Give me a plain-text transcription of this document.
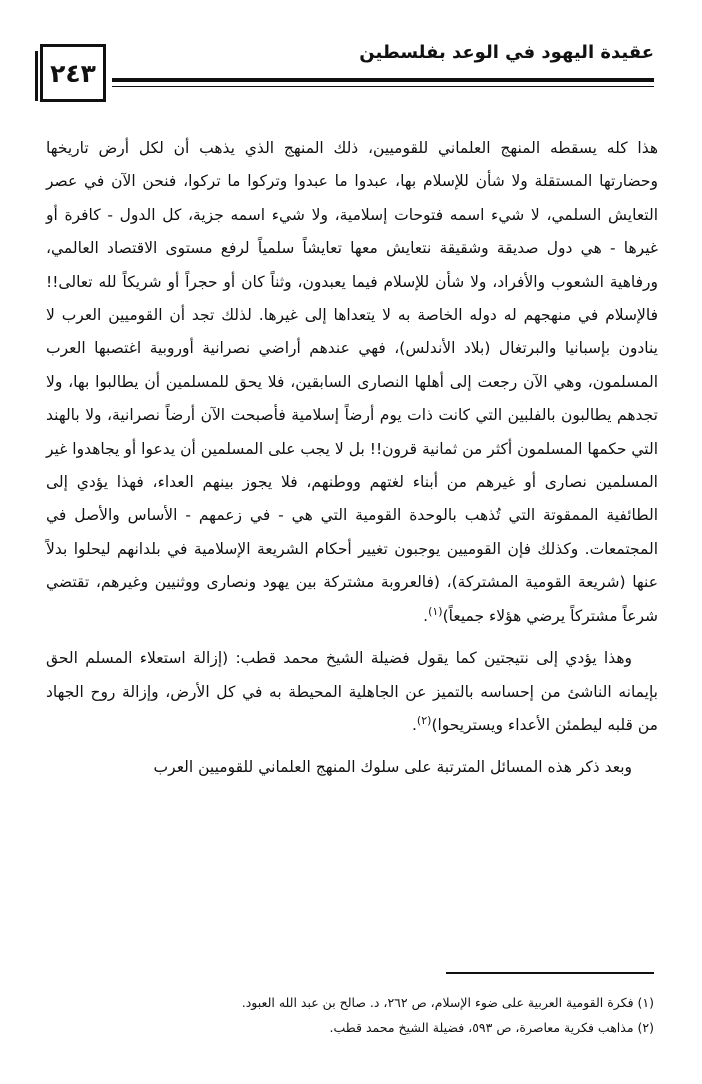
٢٤٣
عقيدة اليهود في الوعد بفلسطين

هذا كله يسقطه المنهج العلماني للقوميين، ذلك المنهج الذي يذهب أن لكل أرض تاريخها وحضارتها المستقلة ولا شأن للإسلام بها، عبدوا ما عبدوا وتركوا ما تركوا، فنحن الآن في عصر التعايش السلمي، لا شيء اسمه فتوحات إسلامية، ولا شيء اسمه جزية، كل الدول - كافرة أو غيرها - هي دول صديقة وشقيقة نتعايش معها تعايشاً سلمياً لرفع مستوى الاقتصاد العالمي، ورفاهية الشعوب والأفراد، ولا شأن للإسلام فيما يعبدون، وثناً كان أو حجراً أو شريكاً لله تعالى!! فالإسلام في منهجهم له دوله الخاصة به لا يتعداها إلى غيرها. لذلك تجد أن القوميين العرب لا ينادون بإسبانيا والبرتغال (بلاد الأندلس)، فهي عندهم أراضي نصرانية أوروبية اغتصبها العرب المسلمون، وهي الآن رجعت إلى أهلها النصارى السابقين، فلا يحق للمسلمين أن يطالبوا بها، ولا تجدهم يطالبون بالفلبين التي كانت ذات يوم أرضاً إسلامية فأصبحت الآن أرضاً نصرانية، ولا بالهند التي حكمها المسلمون أكثر من ثمانية قرون!! بل لا يجب على المسلمين أن يدعوا أو يجاهدوا غير المسلمين نصارى أو غيرهم من أبناء لغتهم ووطنهم، فلا يجوز بينهم العداء، فهذا يؤدي إلى الطائفية الممقوتة التي تُذهب بالوحدة القومية التي هي - في زعمهم - الأساس والأصل في المجتمعات. وكذلك فإن القوميين يوجبون تغيير أحكام الشريعة الإسلامية في بلدانهم ليحلوا بدلاً عنها (شريعة القومية المشتركة)، (فالعروبة مشتركة بين يهود ونصارى ووثنيين وغيرهم، تقتضي شرعاً مشتركاً يرضي هؤلاء جميعاً)$^{(١)}$.

وهذا يؤدي إلى نتيجتين كما يقول فضيلة الشيخ محمد قطب: (إزالة استعلاء المسلم الحق بإيمانه الناشئ من إحساسه بالتميز عن الجاهلية المحيطة به في كل الأرض، وإزالة روح الجهاد من قلبه ليطمئن الأعداء ويستريحوا)$^{(٢)}$.

وبعد ذكر هذه المسائل المترتبة على سلوك المنهج العلماني للقوميين العرب

(١) فكرة القومية العربية على ضوء الإسلام، ص ٢٦٢، د. صالح بن عبد الله العبود.
(٢) مذاهب فكرية معاصرة، ص ٥٩٣، فضيلة الشيخ محمد قطب.
